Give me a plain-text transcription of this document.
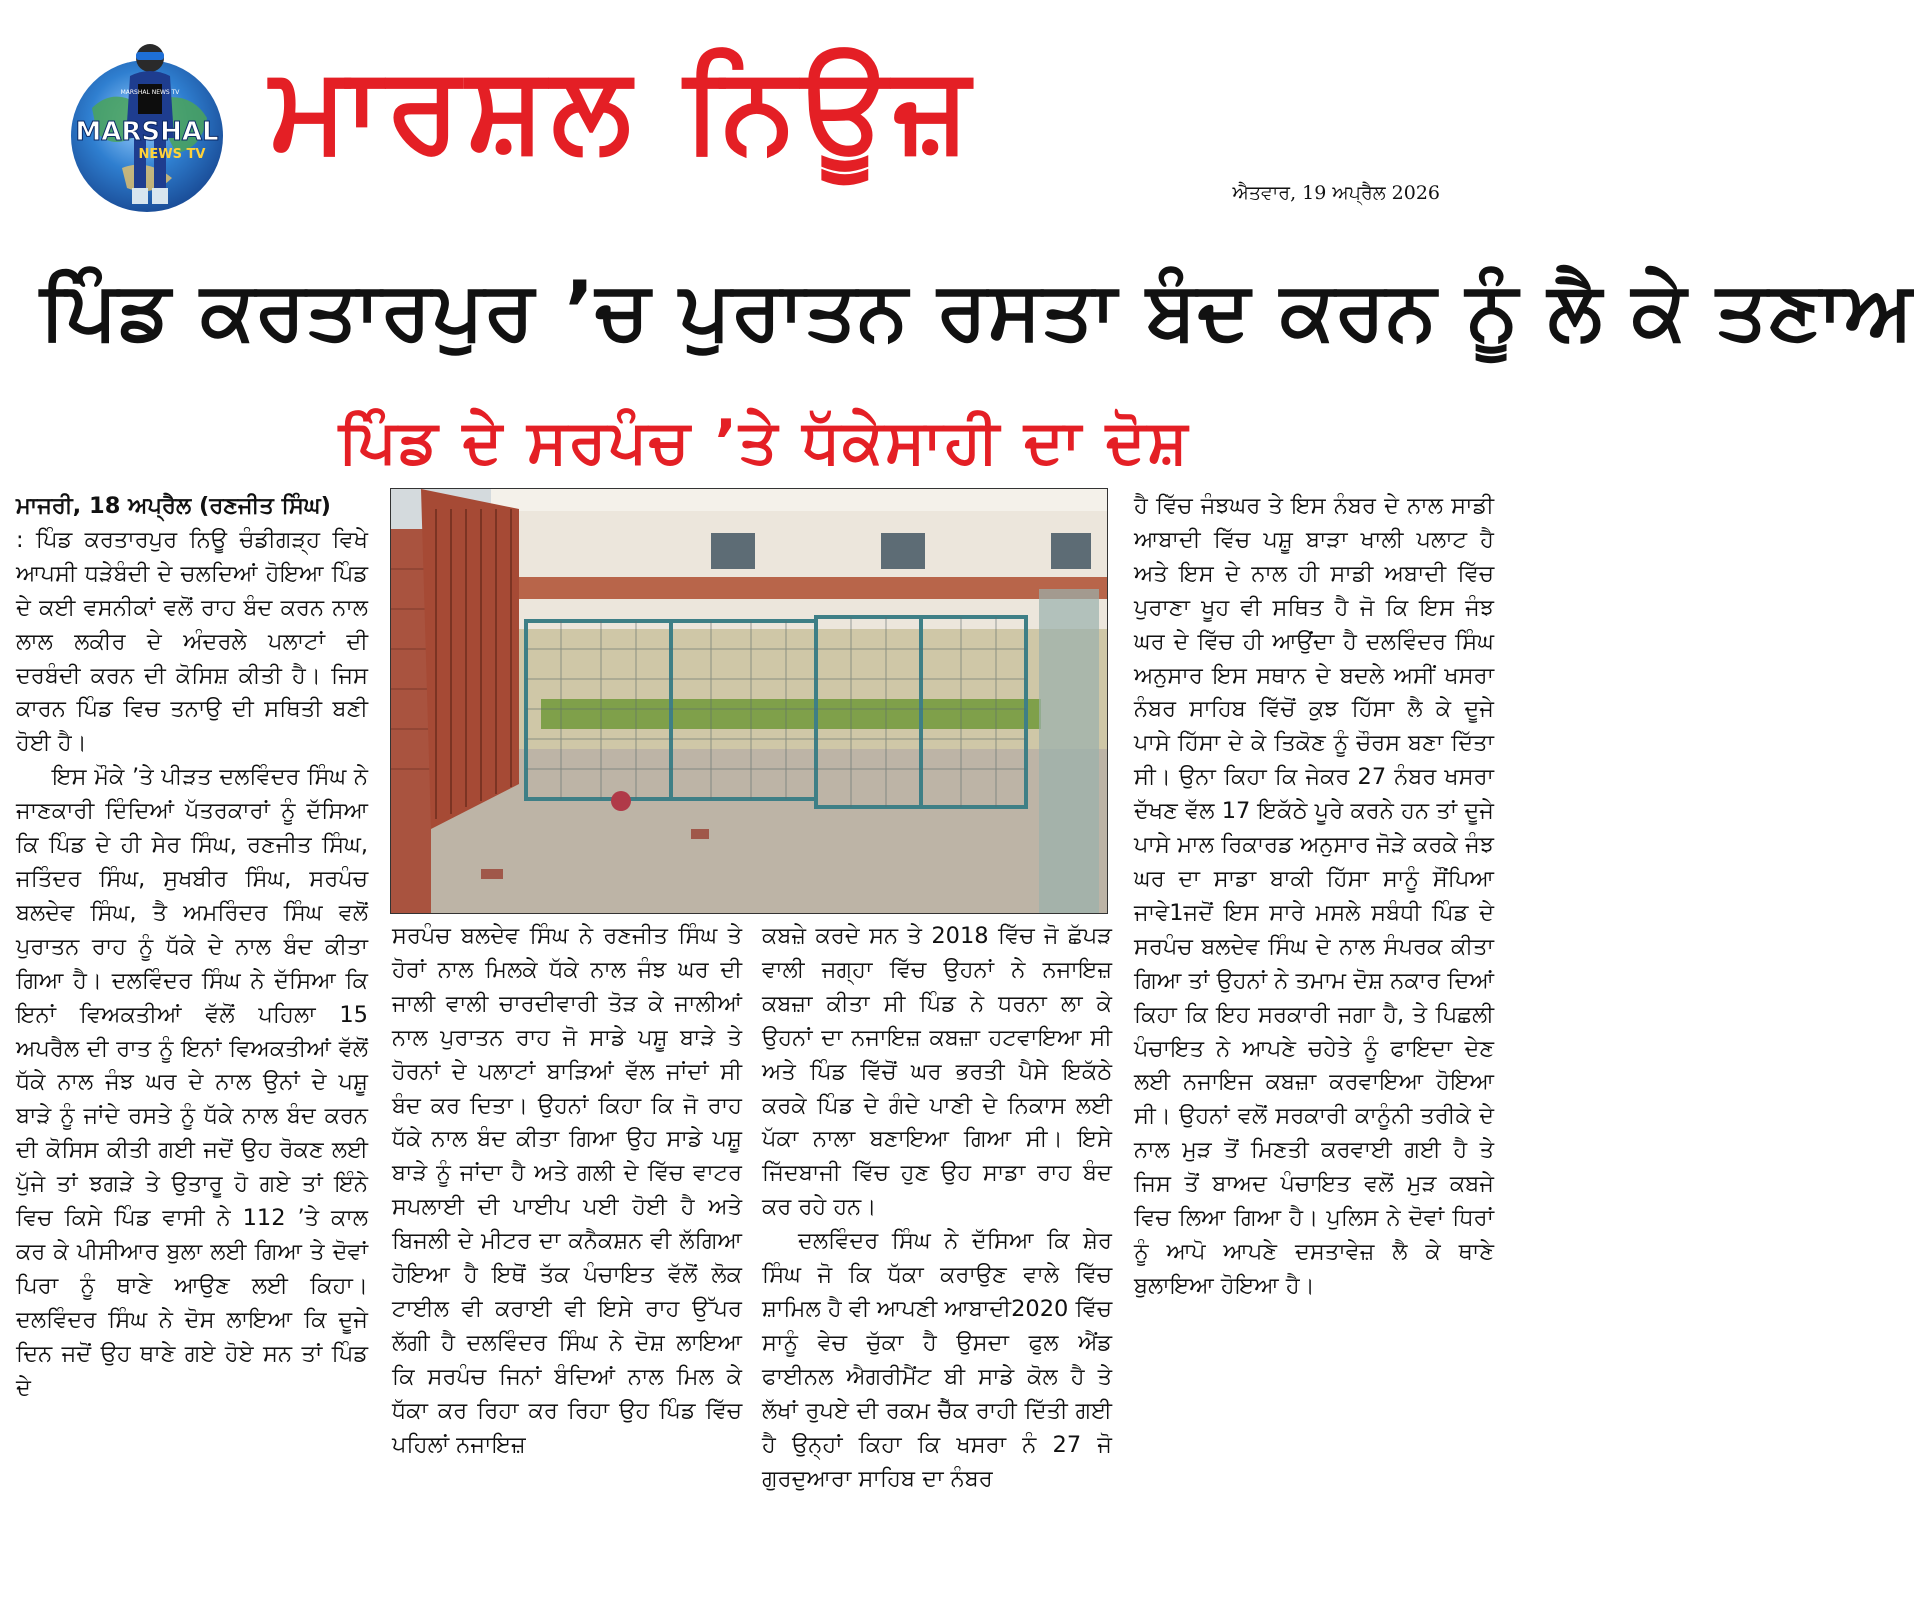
MARSHAL NEWS TV
MARSHAL
NEWS TV ਮਾਰਸ਼ਲ ਨਿਊਜ਼
ਐਤਵਾਰ, 19 ਅਪ੍ਰੈਲ 2026
ਪਿੰਡ ਕਰਤਾਰਪੁਰ ’ਚ ਪੁਰਾਤਨ ਰਸਤਾ ਬੰਦ ਕਰਨ ਨੂੰ ਲੈ ਕੇ ਤਣਾਅ
ਪਿੰਡ ਦੇ ਸਰਪੰਚ ’ਤੇ ਧੱਕੇਸਾਹੀ ਦਾ ਦੋਸ਼

ਮਾਜਰੀ, 18 ਅਪ੍ਰੈਲ (ਰਣਜੀਤ ਸਿੰਘ)

: ਪਿੰਡ ਕਰਤਾਰਪੁਰ ਨਿਊ ਚੰਡੀਗੜ੍ਹ ਵਿਖੇ ਆਪਸੀ ਧੜੇਬੰਦੀ ਦੇ ਚਲਦਿਆਂ ਹੋਇਆ ਪਿੰਡ ਦੇ ਕਈ ਵਸਨੀਕਾਂ ਵਲੋਂ ਰਾਹ ਬੰਦ ਕਰਨ ਨਾਲ ਲਾਲ ਲਕੀਰ ਦੇ ਅੰਦਰਲੇ ਪਲਾਟਾਂ ਦੀ ਦਰਬੰਦੀ ਕਰਨ ਦੀ ਕੋਸਿਸ਼ ਕੀਤੀ ਹੈ। ਜਿਸ ਕਾਰਨ ਪਿੰਡ ਵਿਚ ਤਨਾਉ ਦੀ ਸਥਿਤੀ ਬਣੀ ਹੋਈ ਹੈ।

ਇਸ ਮੌਕੇ ’ਤੇ ਪੀੜਤ ਦਲਵਿੰਦਰ ਸਿੰਘ ਨੇ ਜਾਣਕਾਰੀ ਦਿੰਦਿਆਂ ਪੱਤਰਕਾਰਾਂ ਨੂੰ ਦੱਸਿਆ ਕਿ ਪਿੰਡ ਦੇ ਹੀ ਸੇਰ ਸਿੰਘ, ਰਣਜੀਤ ਸਿੰਘ, ਜਤਿੰਦਰ ਸਿੰਘ, ਸੁਖਬੀਰ ਸਿੰਘ, ਸਰਪੰਚ ਬਲਦੇਵ ਸਿੰਘ, ਤੈ ਅਮਰਿੰਦਰ ਸਿੰਘ ਵਲੋਂ ਪੁਰਾਤਨ ਰਾਹ ਨੂੰ ਧੱਕੇ ਦੇ ਨਾਲ ਬੰਦ ਕੀਤਾ ਗਿਆ ਹੈ। ਦਲਵਿੰਦਰ ਸਿੰਘ ਨੇ ਦੱਸਿਆ ਕਿ ਇਨਾਂ ਵਿਅਕਤੀਆਂ ਵੱਲੋਂ ਪਹਿਲਾ 15 ਅਪਰੈਲ ਦੀ ਰਾਤ ਨੂੰ ਇਨਾਂ ਵਿਅਕਤੀਆਂ ਵੱਲੋਂ ਧੱਕੇ ਨਾਲ ਜੰਝ ਘਰ ਦੇ ਨਾਲ ਉਨਾਂ ਦੇ ਪਸ਼ੂ ਬਾੜੇ ਨੂੰ ਜਾਂਦੇ ਰਸਤੇ ਨੂੰ ਧੱਕੇ ਨਾਲ ਬੰਦ ਕਰਨ ਦੀ ਕੋਸਿਸ ਕੀਤੀ ਗਈ ਜਦੋਂ ਉਹ ਰੋਕਣ ਲਈ ਪੁੱਜੇ ਤਾਂ ਝਗੜੇ ਤੇ ਉਤਾਰੂ ਹੋ ਗਏ ਤਾਂ ਇੰਨੇ ਵਿਚ ਕਿਸੇ ਪਿੰਡ ਵਾਸੀ ਨੇ 112 ’ਤੇ ਕਾਲ ਕਰ ਕੇ ਪੀਸੀਆਰ ਬੁਲਾ ਲਈ ਗਿਆ ਤੇ ਦੋਵਾਂ ਪਿਰਾ ਨੂੰ ਥਾਣੇ ਆਉਣ ਲਈ ਕਿਹਾ। ਦਲਵਿੰਦਰ ਸਿੰਘ ਨੇ ਦੋਸ ਲਾਇਆ ਕਿ ਦੂਜੇ ਦਿਨ ਜਦੋਂ ਉਹ ਥਾਣੇ ਗਏ ਹੋਏ ਸਨ ਤਾਂ ਪਿੰਡ ਦੇ

ਸਰਪੰਚ ਬਲਦੇਵ ਸਿੰਘ ਨੇ ਰਣਜੀਤ ਸਿੰਘ ਤੇ ਹੋਰਾਂ ਨਾਲ ਮਿਲਕੇ ਧੱਕੇ ਨਾਲ ਜੰਝ ਘਰ ਦੀ ਜਾਲੀ ਵਾਲੀ ਚਾਰਦੀਵਾਰੀ ਤੋੜ ਕੇ ਜਾਲੀਆਂ ਨਾਲ ਪੁਰਾਤਨ ਰਾਹ ਜੋ ਸਾਡੇ ਪਸ਼ੂ ਬਾੜੇ ਤੇ ਹੋਰਨਾਂ ਦੇ ਪਲਾਟਾਂ ਬਾੜਿਆਂ ਵੱਲ ਜਾਂਦਾਂ ਸੀ ਬੰਦ ਕਰ ਦਿਤਾ। ਉਹਨਾਂ ਕਿਹਾ ਕਿ ਜੋ ਰਾਹ ਧੱਕੇ ਨਾਲ ਬੰਦ ਕੀਤਾ ਗਿਆ ਉਹ ਸਾਡੇ ਪਸ਼ੂ ਬਾੜੇ ਨੂੰ ਜਾਂਦਾ ਹੈ ਅਤੇ ਗਲੀ ਦੇ ਵਿੱਚ ਵਾਟਰ ਸਪਲਾਈ ਦੀ ਪਾਈਪ ਪਈ ਹੋਈ ਹੈ ਅਤੇ ਬਿਜਲੀ ਦੇ ਮੀਟਰ ਦਾ ਕਨੈਕਸ਼ਨ ਵੀ ਲੱਗਿਆ ਹੋਇਆ ਹੈ ਇਥੋਂ ਤੱਕ ਪੰਚਾਇਤ ਵੱਲੋਂ ਲੋਕ ਟਾਈਲ ਵੀ ਕਰਾਈ ਵੀ ਇਸੇ ਰਾਹ ਉੱਪਰ ਲੱਗੀ ਹੈ ਦਲਵਿੰਦਰ ਸਿੰਘ ਨੇ ਦੋਸ਼ ਲਾਇਆ ਕਿ ਸਰਪੰਚ ਜਿਨਾਂ ਬੰਦਿਆਂ ਨਾਲ ਮਿਲ ਕੇ ਧੱਕਾ ਕਰ ਰਿਹਾ ਕਰ ਰਿਹਾ ਉਹ ਪਿੰਡ ਵਿੱਚ ਪਹਿਲਾਂ ਨਜਾਇਜ਼

ਕਬਜ਼ੇ ਕਰਦੇ ਸਨ ਤੇ 2018 ਵਿੱਚ ਜੋ ਛੱਪੜ ਵਾਲੀ ਜਗ੍ਹਾ ਵਿੱਚ ਉਹਨਾਂ ਨੇ ਨਜਾਇਜ਼ ਕਬਜ਼ਾ ਕੀਤਾ ਸੀ ਪਿੰਡ ਨੇ ਧਰਨਾ ਲਾ ਕੇ ਉਹਨਾਂ ਦਾ ਨਜਾਇਜ਼ ਕਬਜ਼ਾ ਹਟਵਾਇਆ ਸੀ ਅਤੇ ਪਿੰਡ ਵਿੱਚੋਂ ਘਰ ਭਰਤੀ ਪੈਸੇ ਇਕੱਠੇ ਕਰਕੇ ਪਿੰਡ ਦੇ ਗੰਦੇ ਪਾਣੀ ਦੇ ਨਿਕਾਸ ਲਈ ਪੱਕਾ ਨਾਲਾ ਬਣਾਇਆ ਗਿਆ ਸੀ। ਇਸੇ ਜਿੱਦਬਾਜੀ ਵਿੱਚ ਹੁਣ ਉਹ ਸਾਡਾ ਰਾਹ ਬੰਦ ਕਰ ਰਹੇ ਹਨ।

ਦਲਵਿੰਦਰ ਸਿੰਘ ਨੇ ਦੱਸਿਆ ਕਿ ਸ਼ੇਰ ਸਿੰਘ ਜੋ ਕਿ ਧੱਕਾ ਕਰਾਉਣ ਵਾਲੇ ਵਿੱਚ ਸ਼ਾਮਿਲ ਹੈ ਵੀ ਆਪਣੀ ਆਬਾਦੀ2020 ਵਿੱਚ ਸਾਨੂੰ ਵੇਚ ਚੁੱਕਾ ਹੈ ਉਸਦਾ ਫੁਲ ਐਂਡ ਫਾਈਨਲ ਐਗਰੀਮੈਂਟ ਬੀ ਸਾਡੇ ਕੋਲ ਹੈ ਤੇ ਲੱਖਾਂ ਰੁਪਏ ਦੀ ਰਕਮ ਚੈੱਕ ਰਾਹੀ ਦਿੱਤੀ ਗਈ ਹੈ ਉਨ੍ਹਾਂ ਕਿਹਾ ਕਿ ਖਸਰਾ ਨੰ 27 ਜੋ ਗੁਰਦੁਆਰਾ ਸਾਹਿਬ ਦਾ ਨੰਬਰ

ਹੈ ਵਿੱਚ ਜੰਝਘਰ ਤੇ ਇਸ ਨੰਬਰ ਦੇ ਨਾਲ ਸਾਡੀ ਆਬਾਦੀ ਵਿੱਚ ਪਸ਼ੂ ਬਾੜਾ ਖਾਲੀ ਪਲਾਟ ਹੈ ਅਤੇ ਇਸ ਦੇ ਨਾਲ ਹੀ ਸਾਡੀ ਅਬਾਦੀ ਵਿੱਚ ਪੁਰਾਣਾ ਖੂਹ ਵੀ ਸਥਿਤ ਹੈ ਜੋ ਕਿ ਇਸ ਜੰਝ ਘਰ ਦੇ ਵਿੱਚ ਹੀ ਆਉਂਦਾ ਹੈ ਦਲਵਿੰਦਰ ਸਿੰਘ ਅਨੁਸਾਰ ਇਸ ਸਥਾਨ ਦੇ ਬਦਲੇ ਅਸੀਂ ਖਸਰਾ ਨੰਬਰ ਸਾਹਿਬ ਵਿੱਚੋਂ ਕੁਝ ਹਿੱਸਾ ਲੈ ਕੇ ਦੂਜੇ ਪਾਸੇ ਹਿੱਸਾ ਦੇ ਕੇ ਤਿਕੋਣ ਨੂੰ ਚੌਰਸ ਬਣਾ ਦਿੱਤਾ ਸੀ। ਉਨਾ ਕਿਹਾ ਕਿ ਜੇਕਰ 27 ਨੰਬਰ ਖਸਰਾ ਦੱਖਣ ਵੱਲ 17 ਇਕੱਠੇ ਪੂਰੇ ਕਰਨੇ ਹਨ ਤਾਂ ਦੂਜੇ ਪਾਸੇ ਮਾਲ ਰਿਕਾਰਡ ਅਨੁਸਾਰ ਜੋੜੇ ਕਰਕੇ ਜੰਝ ਘਰ ਦਾ ਸਾਡਾ ਬਾਕੀ ਹਿੱਸਾ ਸਾਨੂੰ ਸੌਂਪਿਆ ਜਾਵੇ1ਜਦੋਂ ਇਸ ਸਾਰੇ ਮਸਲੇ ਸਬੰਧੀ ਪਿੰਡ ਦੇ ਸਰਪੰਚ ਬਲਦੇਵ ਸਿੰਘ ਦੇ ਨਾਲ ਸੰਪਰਕ ਕੀਤਾ ਗਿਆ ਤਾਂ ਉਹਨਾਂ ਨੇ ਤਮਾਮ ਦੋਸ਼ ਨਕਾਰ ਦਿਆਂ ਕਿਹਾ ਕਿ ਇਹ ਸਰਕਾਰੀ ਜਗਾ ਹੈ, ਤੇ ਪਿਛਲੀ ਪੰਚਾਇਤ ਨੇ ਆਪਣੇ ਚਹੇਤੇ ਨੂੰ ਫਾਇਦਾ ਦੇਣ ਲਈ ਨਜਾਇਜ ਕਬਜ਼ਾ ਕਰਵਾਇਆ ਹੋਇਆ ਸੀ। ਉਹਨਾਂ ਵਲੋਂ ਸਰਕਾਰੀ ਕਾਨੂੰਨੀ ਤਰੀਕੇ ਦੇ ਨਾਲ ਮੁੜ ਤੋਂ ਮਿਣਤੀ ਕਰਵਾਈ ਗਈ ਹੈ ਤੇ ਜਿਸ ਤੋਂ ਬਾਅਦ ਪੰਚਾਇਤ ਵਲੋਂ ਮੁੜ ਕਬਜੇ ਵਿਚ ਲਿਆ ਗਿਆ ਹੈ। ਪੁਲਿਸ ਨੇ ਦੋਵਾਂ ਧਿਰਾਂ ਨੂੰ ਆਪੋ ਆਪਣੇ ਦਸਤਾਵੇਜ਼ ਲੈ ਕੇ ਥਾਣੇ ਬੁਲਾਇਆ ਹੋਇਆ ਹੈ।
